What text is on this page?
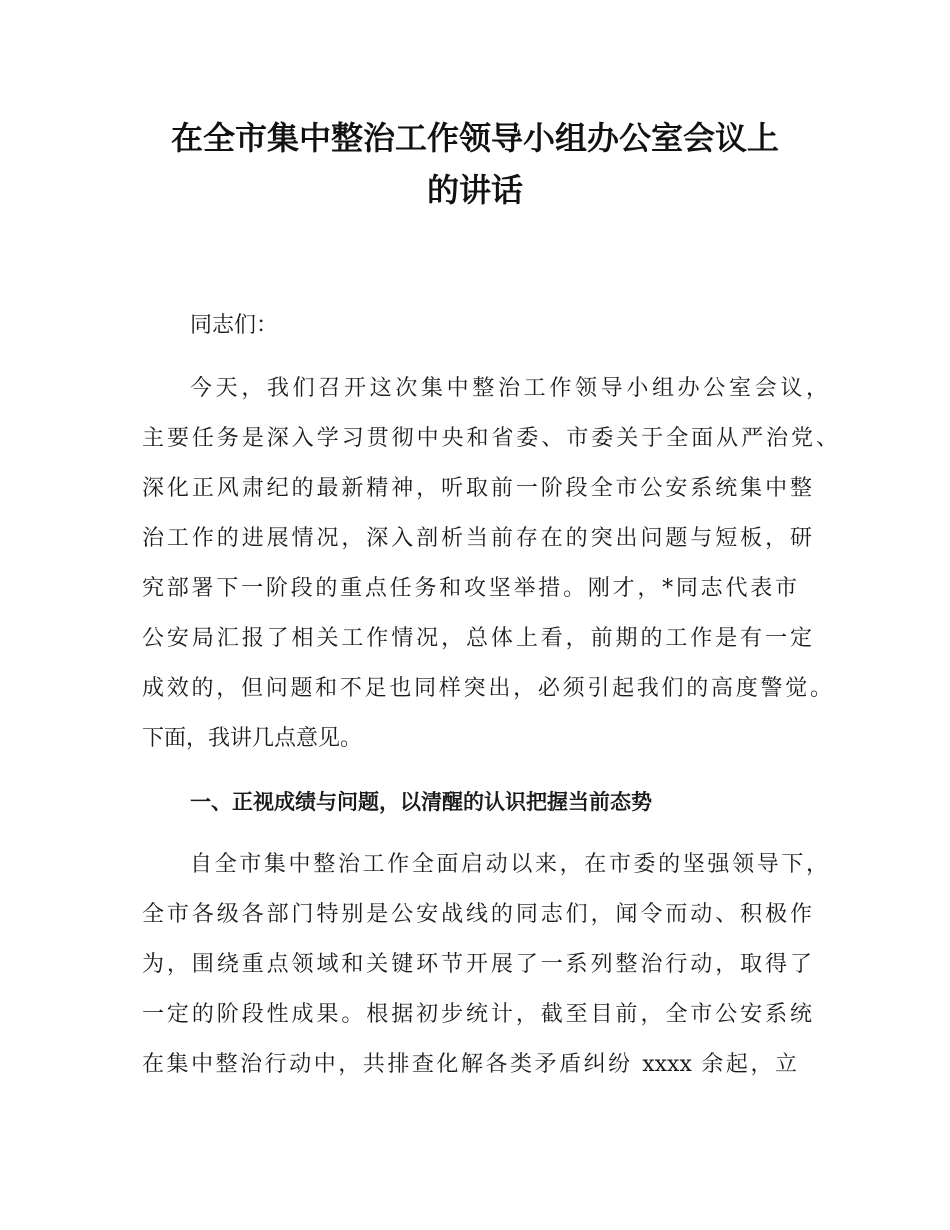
在全市集中整治工作领导小组办公室会议上
的讲话
同志们：
今天，我们召开这次集中整治工作领导小组办公室会议，
主要任务是深入学习贯彻中央和省委、市委关于全面从严治党、
深化正风肃纪的最新精神，听取前一阶段全市公安系统集中整
治工作的进展情况，深入剖析当前存在的突出问题与短板，研
究部署下一阶段的重点任务和攻坚举措。刚才，*同志代表市
公安局汇报了相关工作情况，总体上看，前期的工作是有一定
成效的，但问题和不足也同样突出，必须引起我们的高度警觉。
下面，我讲几点意见。
一、正视成绩与问题，以清醒的认识把握当前态势
自全市集中整治工作全面启动以来，在市委的坚强领导下，
全市各级各部门特别是公安战线的同志们，闻令而动、积极作
为，围绕重点领域和关键环节开展了一系列整治行动，取得了
一定的阶段性成果。根据初步统计，截至目前，全市公安系统
在集中整治行动中，共排查化解各类矛盾纠纷 xxxx 余起，立
